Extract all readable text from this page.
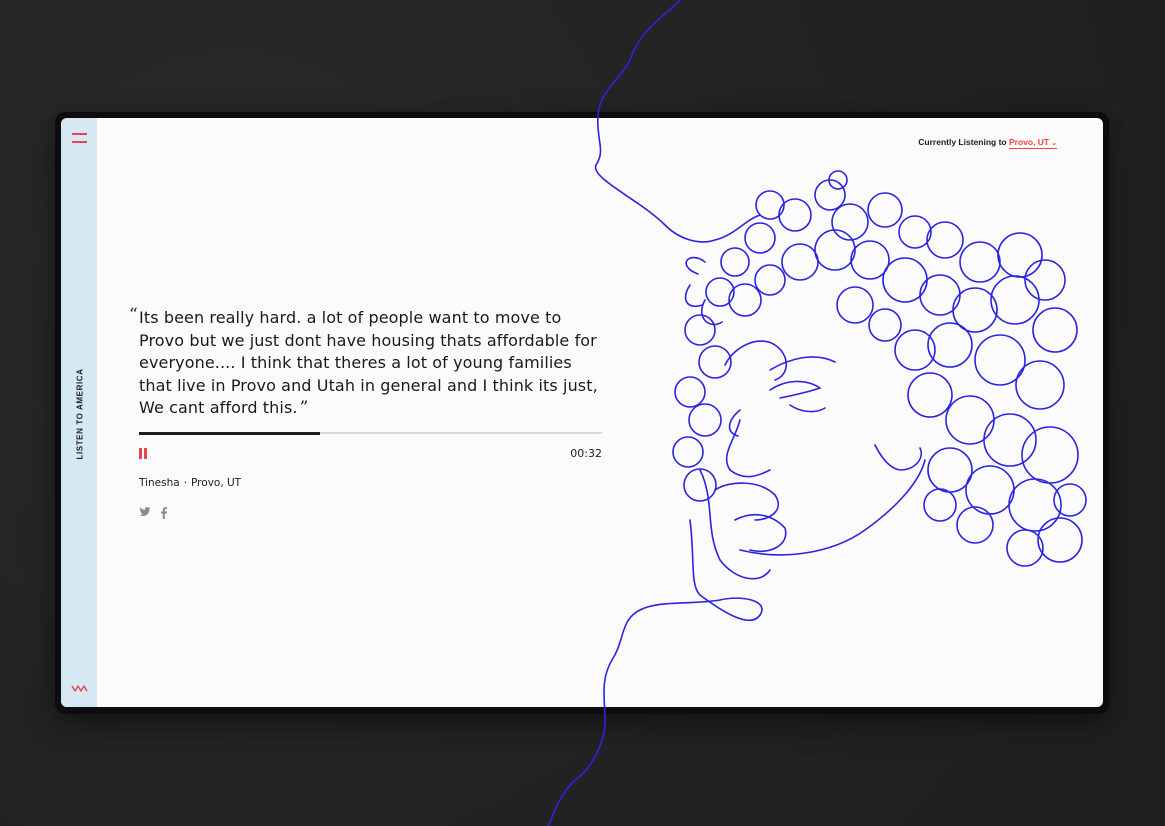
LISTEN TO AMERICA
Currently Listening to Provo, UT ⌄
“ Its been really hard. a lot of people want to move to Provo but we just dont have housing thats affordable for everyone.... I think that theres a lot of young families that live in Provo and Utah in general and I think its just, We cant afford this. ”
00:32
Tinesha · Provo, UT
